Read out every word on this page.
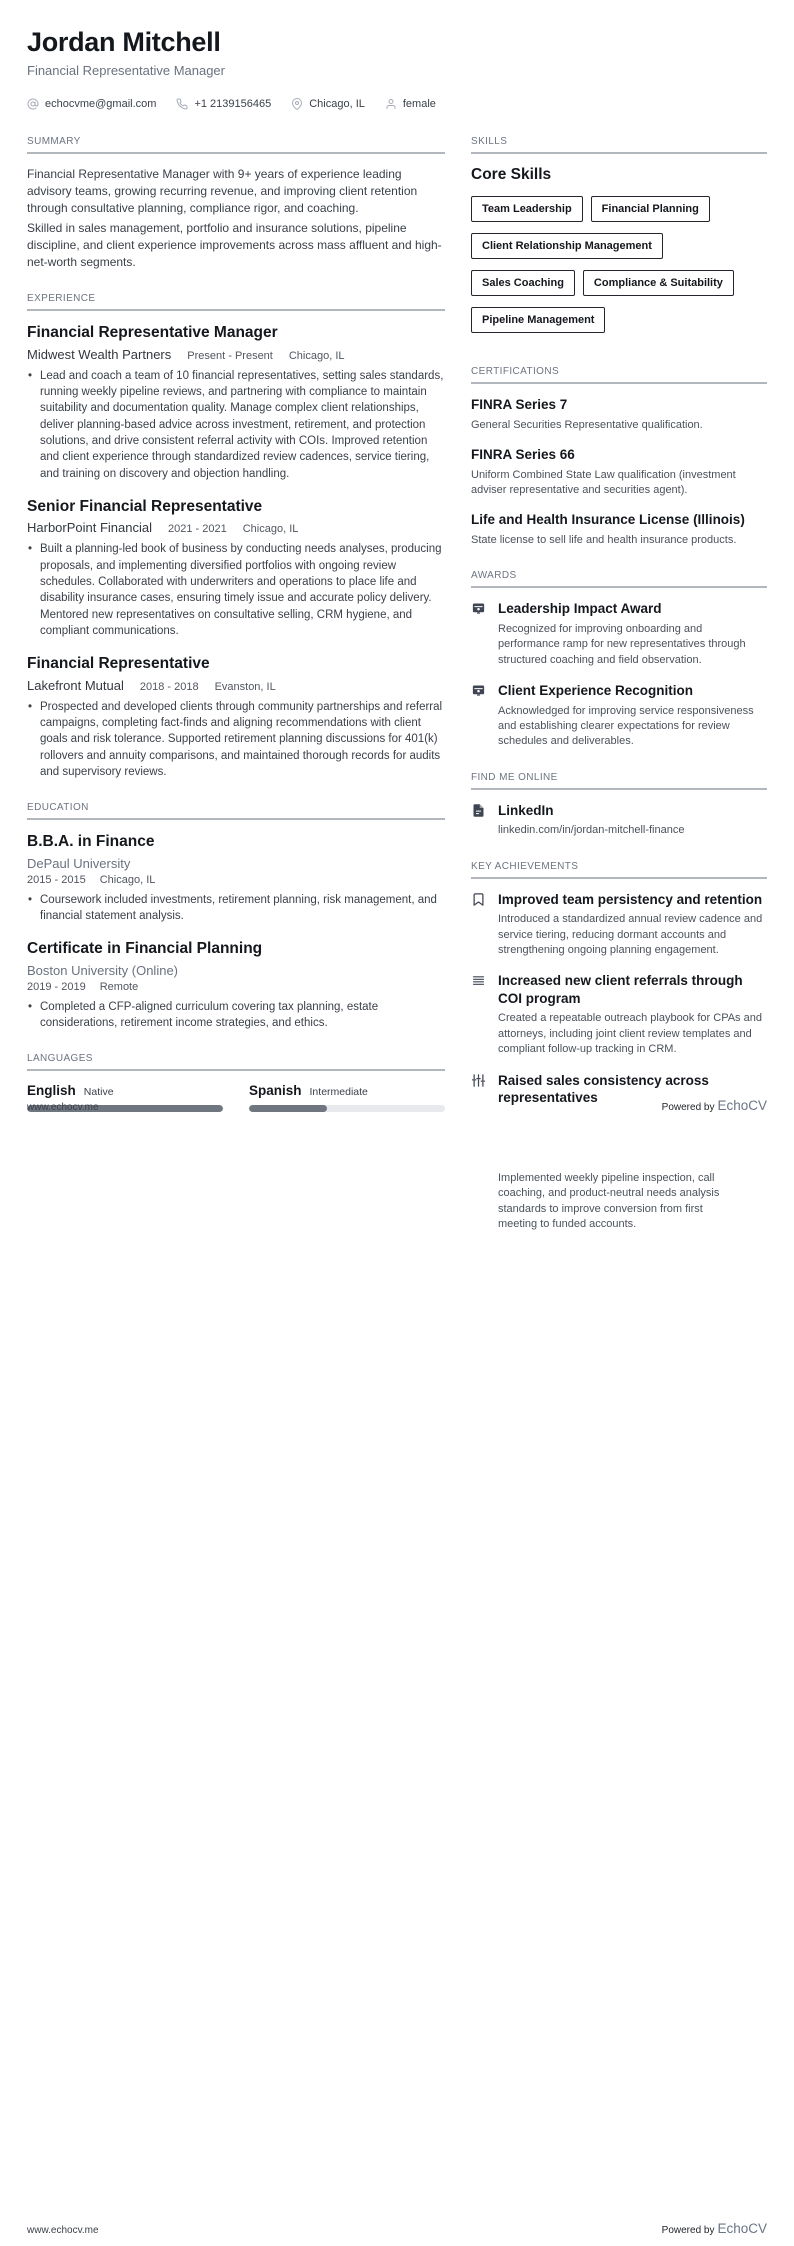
Jordan Mitchell
Financial Representative Manager
echocvme@gmail.com	+1 2139156465	Chicago, IL	female
SUMMARY

Financial Representative Manager with 9+ years of experience leading advisory teams, growing recurring revenue, and improving client retention through consultative planning, compliance rigor, and coaching.

Skilled in sales management, portfolio and insurance solutions, pipeline discipline, and client experience improvements across mass affluent and high-net-worth segments.

EXPERIENCE
Financial Representative Manager
Midwest Wealth Partners Present - Present Chicago, IL
• Lead and coach a team of 10 financial representatives, setting sales standards, running weekly pipeline reviews, and partnering with compliance to maintain suitability and documentation quality. Manage complex client relationships, deliver planning-based advice across investment, retirement, and protection solutions, and drive consistent referral activity with COIs. Improved retention and client experience through standardized review cadences, service tiering, and training on discovery and objection handling.
Senior Financial Representative
HarborPoint Financial 2021 - 2021 Chicago, IL
• Built a planning-led book of business by conducting needs analyses, producing proposals, and implementing diversified portfolios with ongoing review schedules. Collaborated with underwriters and operations to place life and disability insurance cases, ensuring timely issue and accurate policy delivery. Mentored new representatives on consultative selling, CRM hygiene, and compliant communications.
Financial Representative
Lakefront Mutual 2018 - 2018 Evanston, IL
• Prospected and developed clients through community partnerships and referral campaigns, completing fact-finds and aligning recommendations with client goals and risk tolerance. Supported retirement planning discussions for 401(k) rollovers and annuity comparisons, and maintained thorough records for audits and supervisory reviews.
EDUCATION
B.B.A. in Finance
DePaul University
2015 - 2015 Chicago, IL
• Coursework included investments, retirement planning, risk management, and financial statement analysis.
Certificate in Financial Planning
Boston University (Online)
2019 - 2019 Remote
• Completed a CFP-aligned curriculum covering tax planning, estate considerations, retirement income strategies, and ethics.
LANGUAGES
English Native	Spanish Intermediate
SKILLS
Core Skills
Team Leadership	Financial Planning
Client Relationship Management
Sales Coaching	Compliance & Suitability
Pipeline Management
CERTIFICATIONS
FINRA Series 7
General Securities Representative qualification.
FINRA Series 66
Uniform Combined State Law qualification (investment adviser representative and securities agent).
Life and Health Insurance License (Illinois)
State license to sell life and health insurance products.
AWARDS
Leadership Impact Award
Recognized for improving onboarding and performance ramp for new representatives through structured coaching and field observation.
Client Experience Recognition
Acknowledged for improving service responsiveness and establishing clearer expectations for review schedules and deliverables.
FIND ME ONLINE
LinkedIn
linkedin.com/in/jordan-mitchell-finance
KEY ACHIEVEMENTS
Improved team persistency and retention
Introduced a standardized annual review cadence and service tiering, reducing dormant accounts and strengthening ongoing planning engagement.
Increased new client referrals through COI program
Created a repeatable outreach playbook for CPAs and attorneys, including joint client review templates and compliant follow-up tracking in CRM.
Raised sales consistency across representatives
www.echocv.me	Powered by EchoCV
Implemented weekly pipeline inspection, call coaching, and product-neutral needs analysis standards to improve conversion from first meeting to funded accounts.
www.echocv.me	Powered by EchoCV
